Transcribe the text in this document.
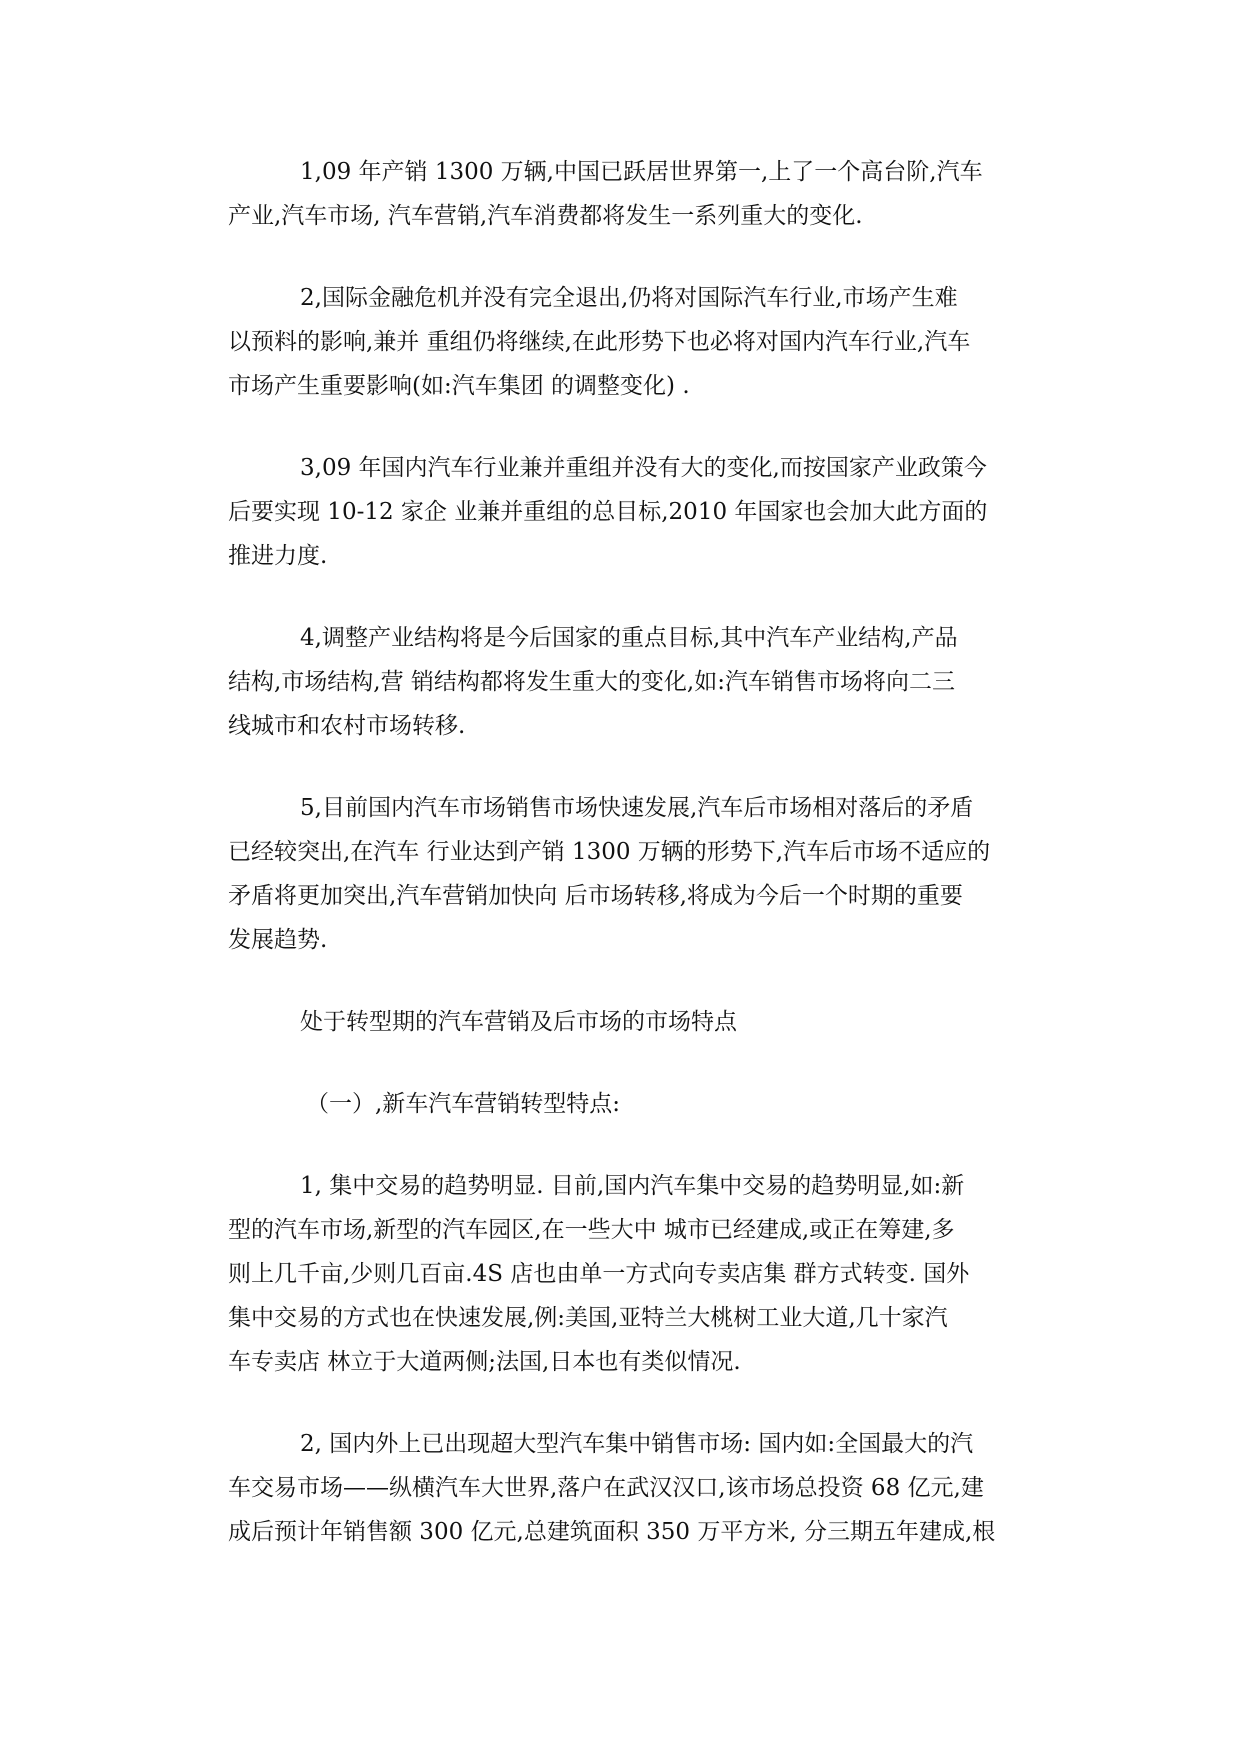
1,09 年产销 1300 万辆,中国已跃居世界第一,上了一个高台阶,汽车
产业,汽车市场, 汽车营销,汽车消费都将发生一系列重大的变化.

2,国际金融危机并没有完全退出,仍将对国际汽车行业,市场产生难
以预料的影响,兼并 重组仍将继续,在此形势下也必将对国内汽车行业,汽车
市场产生重要影响(如:汽车集团 的调整变化) .

3,09 年国内汽车行业兼并重组并没有大的变化,而按国家产业政策今
后要实现 10-12 家企 业兼并重组的总目标,2010 年国家也会加大此方面的
推进力度.

4,调整产业结构将是今后国家的重点目标,其中汽车产业结构,产品
结构,市场结构,营 销结构都将发生重大的变化,如:汽车销售市场将向二三
线城市和农村市场转移.

5,目前国内汽车市场销售市场快速发展,汽车后市场相对落后的矛盾
已经较突出,在汽车 行业达到产销 1300 万辆的形势下,汽车后市场不适应的
矛盾将更加突出,汽车营销加快向 后市场转移,将成为今后一个时期的重要
发展趋势.

处于转型期的汽车营销及后市场的市场特点

（一）,新车汽车营销转型特点:

1, 集中交易的趋势明显. 目前,国内汽车集中交易的趋势明显,如:新
型的汽车市场,新型的汽车园区,在一些大中 城市已经建成,或正在筹建,多
则上几千亩,少则几百亩.4S 店也由单一方式向专卖店集 群方式转变. 国外
集中交易的方式也在快速发展,例:美国,亚特兰大桃树工业大道,几十家汽
车专卖店 林立于大道两侧;法国,日本也有类似情况.

2, 国内外上已出现超大型汽车集中销售市场: 国内如:全国最大的汽
车交易市场——纵横汽车大世界,落户在武汉汉口,该市场总投资 68 亿元,建
成后预计年销售额 300 亿元,总建筑面积 350 万平方米, 分三期五年建成,根
